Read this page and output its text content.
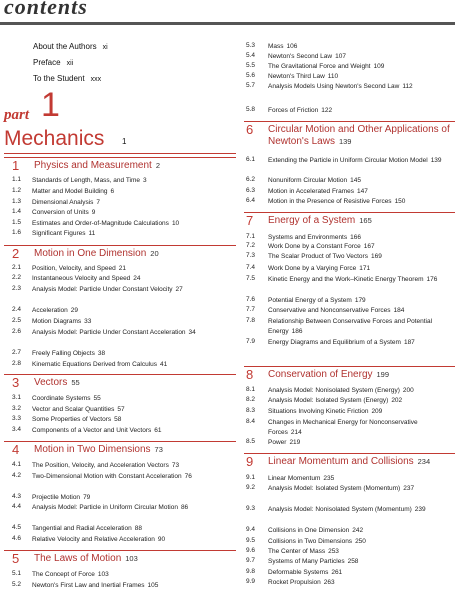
contents
About the Authors xi
Preface xii
To the Student xxx
part 1
Mechanics 1
1 Physics and Measurement 2
1.1 Standards of Length, Mass, and Time 3
1.2 Matter and Model Building 6
1.3 Dimensional Analysis 7
1.4 Conversion of Units 9
1.5 Estimates and Order-of-Magnitude Calculations 10
1.6 Significant Figures 11
2 Motion in One Dimension 20
2.1 Position, Velocity, and Speed 21
2.2 Instantaneous Velocity and Speed 24
2.3 Analysis Model: Particle Under Constant Velocity 27
2.4 Acceleration 29
2.5 Motion Diagrams 33
2.6 Analysis Model: Particle Under Constant Acceleration 34
2.7 Freely Falling Objects 38
2.8 Kinematic Equations Derived from Calculus 41
3 Vectors 55
3.1 Coordinate Systems 55
3.2 Vector and Scalar Quantities 57
3.3 Some Properties of Vectors 58
3.4 Components of a Vector and Unit Vectors 61
4 Motion in Two Dimensions 73
4.1 The Position, Velocity, and Acceleration Vectors 73
4.2 Two-Dimensional Motion with Constant Acceleration 76
4.3 Projectile Motion 79
4.4 Analysis Model: Particle in Uniform Circular Motion 86
4.5 Tangential and Radial Acceleration 88
4.6 Relative Velocity and Relative Acceleration 90
5 The Laws of Motion 103
5.1 The Concept of Force 103
5.2 Newton's First Law and Inertial Frames 105
5.3 Mass 106
5.4 Newton's Second Law 107
5.5 The Gravitational Force and Weight 109
5.6 Newton's Third Law 110
5.7 Analysis Models Using Newton's Second Law 112
5.8 Forces of Friction 122
6 Circular Motion and Other Applications of Newton's Laws 139
6.1 Extending the Particle in Uniform Circular Motion Model 139
6.2 Nonuniform Circular Motion 145
6.3 Motion in Accelerated Frames 147
6.4 Motion in the Presence of Resistive Forces 150
7 Energy of a System 165
7.1 Systems and Environments 166
7.2 Work Done by a Constant Force 167
7.3 The Scalar Product of Two Vectors 169
7.4 Work Done by a Varying Force 171
7.5 Kinetic Energy and the Work–Kinetic Energy Theorem 176
7.6 Potential Energy of a System 179
7.7 Conservative and Nonconservative Forces 184
7.8 Relationship Between Conservative Forces and Potential Energy 186
7.9 Energy Diagrams and Equilibrium of a System 187
8 Conservation of Energy 199
8.1 Analysis Model: Nonisolated System (Energy) 200
8.2 Analysis Model: Isolated System (Energy) 202
8.3 Situations Involving Kinetic Friction 209
8.4 Changes in Mechanical Energy for Nonconservative Forces 214
8.5 Power 219
9 Linear Momentum and Collisions 234
9.1 Linear Momentum 235
9.2 Analysis Model: Isolated System (Momentum) 237
9.3 Analysis Model: Nonisolated System (Momentum) 239
9.4 Collisions in One Dimension 242
9.5 Collisions in Two Dimensions 250
9.6 The Center of Mass 253
9.7 Systems of Many Particles 258
9.8 Deformable Systems 261
9.9 Rocket Propulsion 263
